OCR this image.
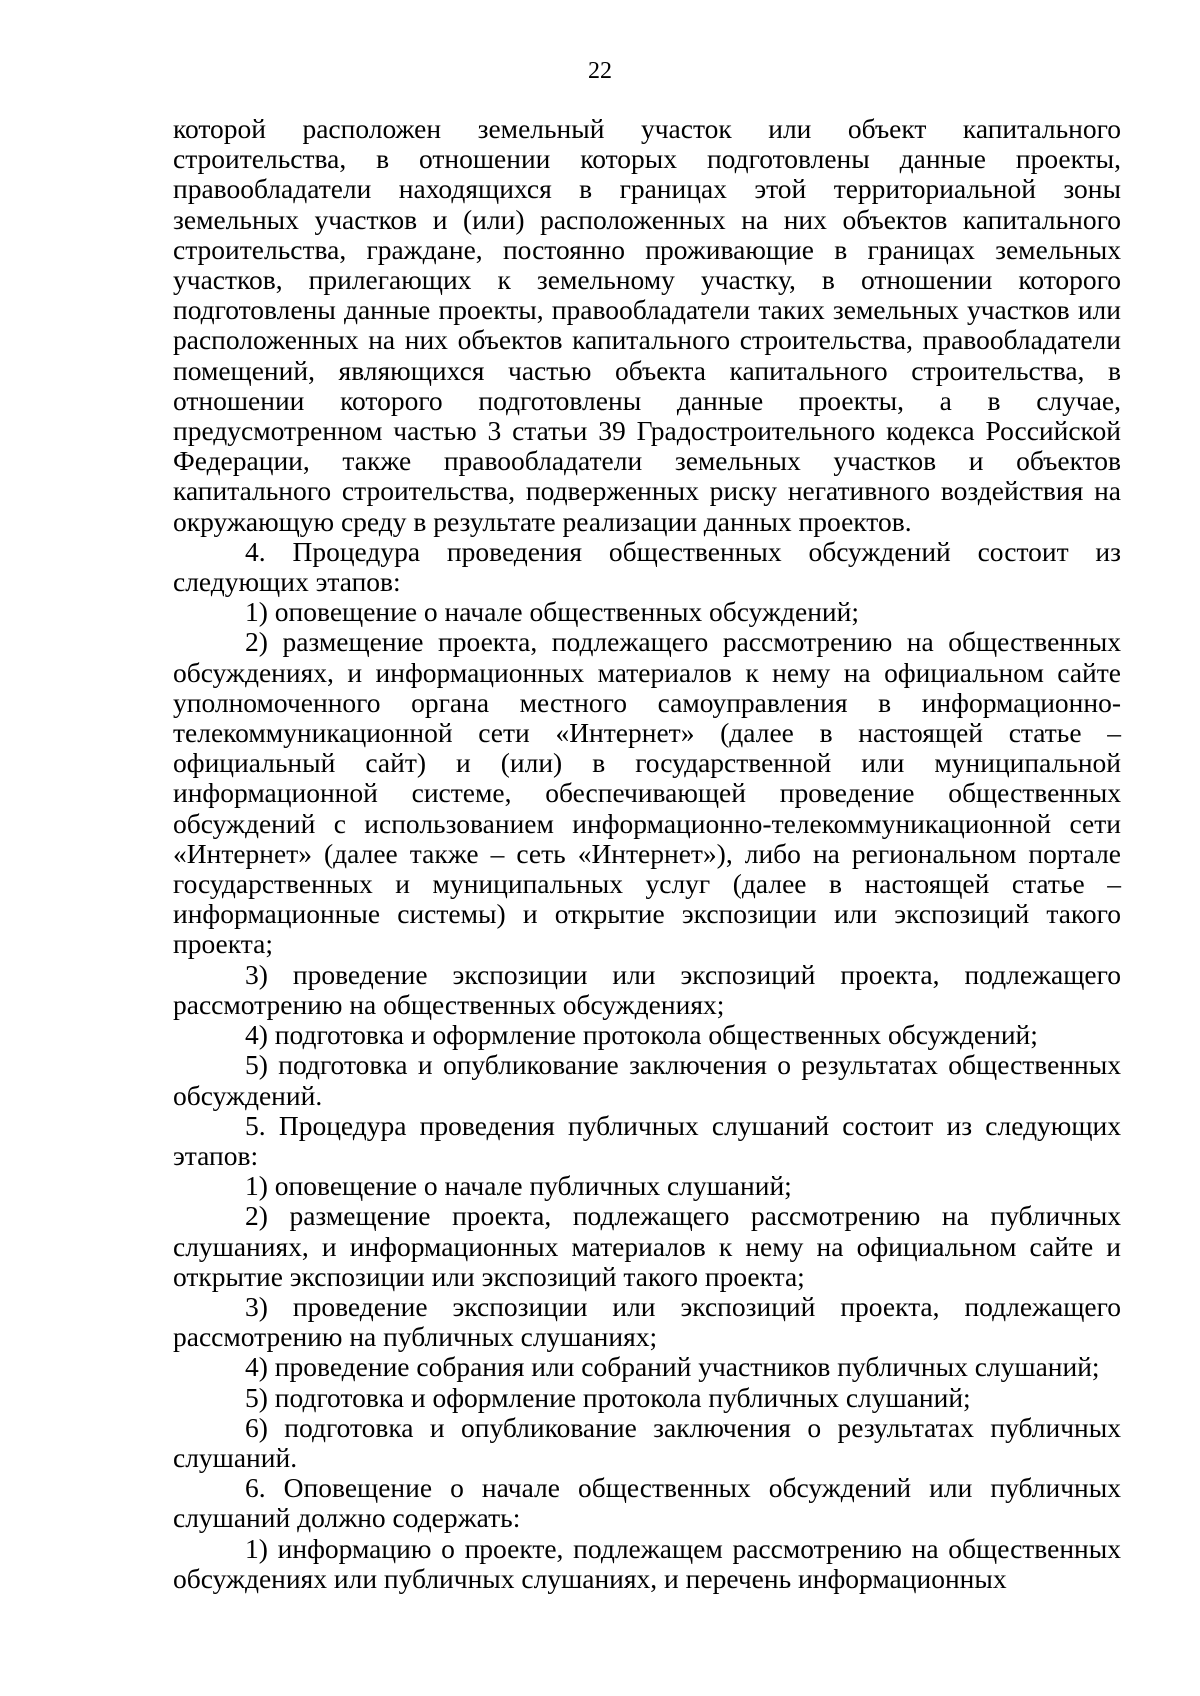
22

которой расположен земельный участок или объект капитального строительства, в отношении которых подготовлены данные проекты, правообладатели находящихся в границах этой территориальной зоны земельных участков и (или) расположенных на них объектов капитального строительства, граждане, постоянно проживающие в границах земельных участков, прилегающих к земельному участку, в отношении которого подготовлены данные проекты, правообладатели таких земельных участков или расположенных на них объектов капитального строительства, правообладатели помещений, являющихся частью объекта капитального строительства, в отношении которого подготовлены данные проекты, а в случае, предусмотренном частью 3 статьи 39 Градостроительного кодекса Российской Федерации, также правообладатели земельных участков и объектов капитального строительства, подверженных риску негативного воздействия на окружающую среду в результате реализации данных проектов.

4. Процедура проведения общественных обсуждений состоит из следующих этапов:

1) оповещение о начале общественных обсуждений;

2) размещение проекта, подлежащего рассмотрению на общественных обсуждениях, и информационных материалов к нему на официальном сайте уполномоченного органа местного самоуправления в информационно-телекоммуникационной сети «Интернет» (далее в настоящей статье – официальный сайт) и (или) в государственной или муниципальной информационной системе, обеспечивающей проведение общественных обсуждений с использованием информационно-телекоммуникационной сети «Интернет» (далее также – сеть «Интернет»), либо на региональном портале государственных и муниципальных услуг (далее в настоящей статье – информационные системы) и открытие экспозиции или экспозиций такого проекта;

3) проведение экспозиции или экспозиций проекта, подлежащего рассмотрению на общественных обсуждениях;

4) подготовка и оформление протокола общественных обсуждений;

5) подготовка и опубликование заключения о результатах общественных обсуждений.

5. Процедура проведения публичных слушаний состоит из следующих этапов:

1) оповещение о начале публичных слушаний;

2) размещение проекта, подлежащего рассмотрению на публичных слушаниях, и информационных материалов к нему на официальном сайте и открытие экспозиции или экспозиций такого проекта;

3) проведение экспозиции или экспозиций проекта, подлежащего рассмотрению на публичных слушаниях;

4) проведение собрания или собраний участников публичных слушаний;

5) подготовка и оформление протокола публичных слушаний;

6) подготовка и опубликование заключения о результатах публичных слушаний.

6. Оповещение о начале общественных обсуждений или публичных слушаний должно содержать:

1) информацию о проекте, подлежащем рассмотрению на общественных обсуждениях или публичных слушаниях, и перечень информационных
